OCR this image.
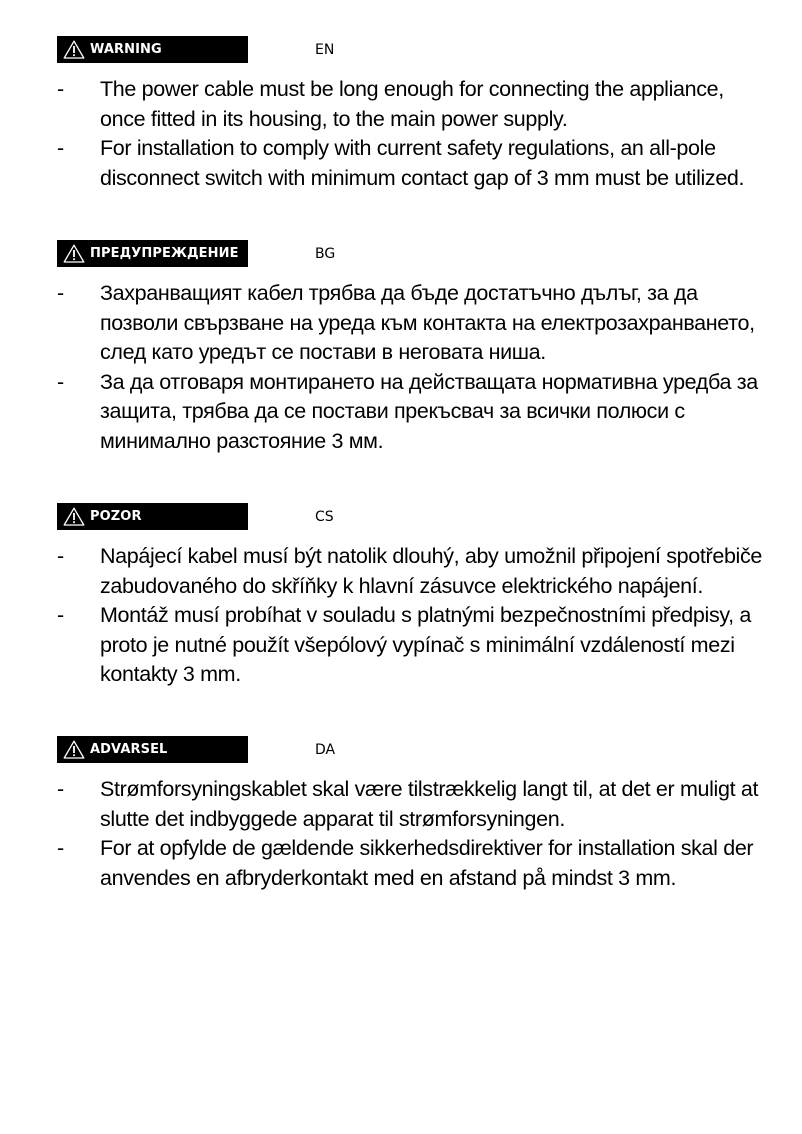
WARNING	EN
-	The power cable must be long enough for connecting the appliance, once fitted in its housing, to the main power supply.
-	For installation to comply with current safety regulations, an all-pole disconnect switch with minimum contact gap of 3 mm must be utilized.
ПРЕДУПРЕЖДЕНИЕ	BG
-	Захранващият кабел трябва да бъде достатъчно дълъг, за да позволи свързване на уреда към контакта на електрозахранването, след като уредът се постави в неговата ниша.
-	За да отговаря монтирането на действащата нормативна уредба за защита, трябва да се постави прекъсвач за всички полюси с минимално разстояние 3 мм.
POZOR	CS
-	Napájecí kabel musí být natolik dlouhý, aby umožnil připojení spotřebiče zabudovaného do skříňky k hlavní zásuvce elektrického napájení.
-	Montáž musí probíhat v souladu s platnými bezpečnostními předpisy, a proto je nutné použít všepólový vypínač s minimální vzdáleností mezi kontakty 3 mm.
ADVARSEL	DA
-	Strømforsyningskablet skal være tilstrækkelig langt til, at det er muligt at slutte det indbyggede apparat til strømforsyningen.
-	For at opfylde de gældende sikkerhedsdirektiver for installation skal der anvendes en afbryderkontakt med en afstand på mindst 3 mm.
